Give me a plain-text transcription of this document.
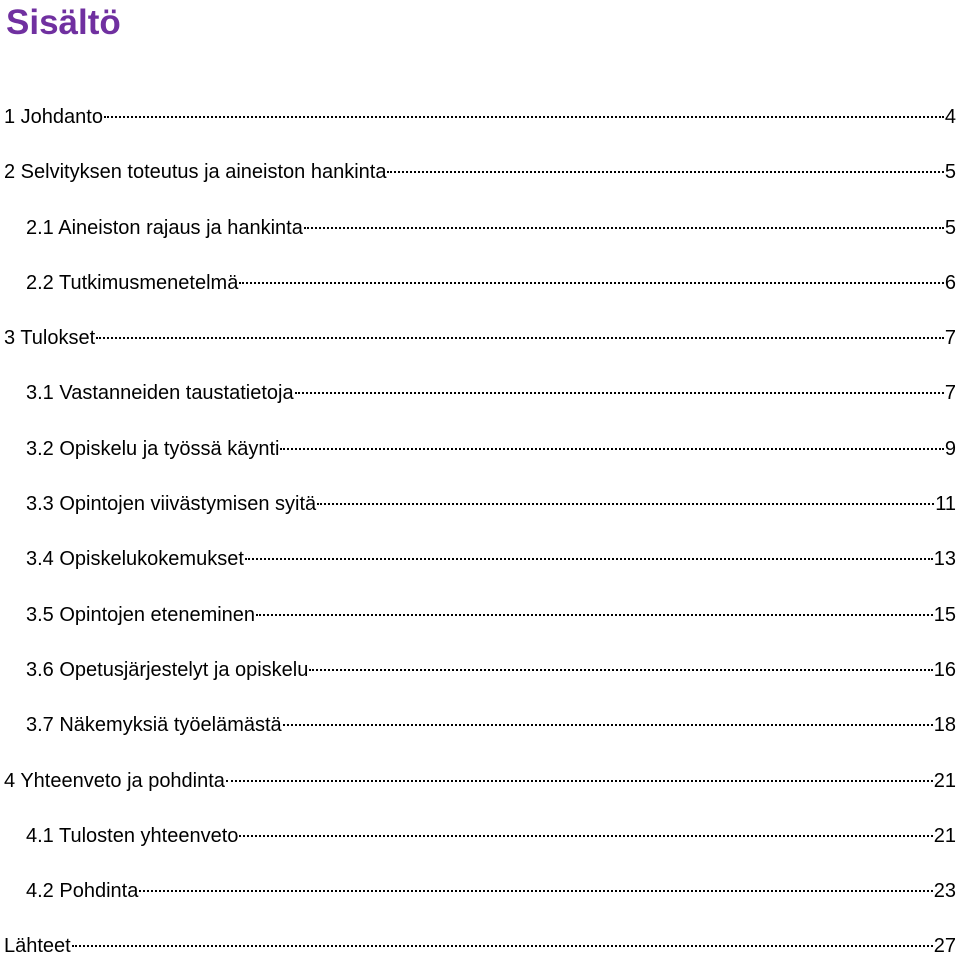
Sisältö
1 Johdanto	4
2 Selvityksen toteutus ja aineiston hankinta	5
2.1 Aineiston rajaus ja hankinta	5
2.2 Tutkimusmenetelmä	6
3 Tulokset	7
3.1 Vastanneiden taustatietoja	7
3.2 Opiskelu ja työssä käynti	9
3.3 Opintojen viivästymisen syitä	11
3.4 Opiskelukokemukset	13
3.5 Opintojen eteneminen	15
3.6 Opetusjärjestelyt ja opiskelu	16
3.7 Näkemyksiä työelämästä	18
4 Yhteenveto ja pohdinta	21
4.1 Tulosten yhteenveto	21
4.2 Pohdinta	23
Lähteet	27
